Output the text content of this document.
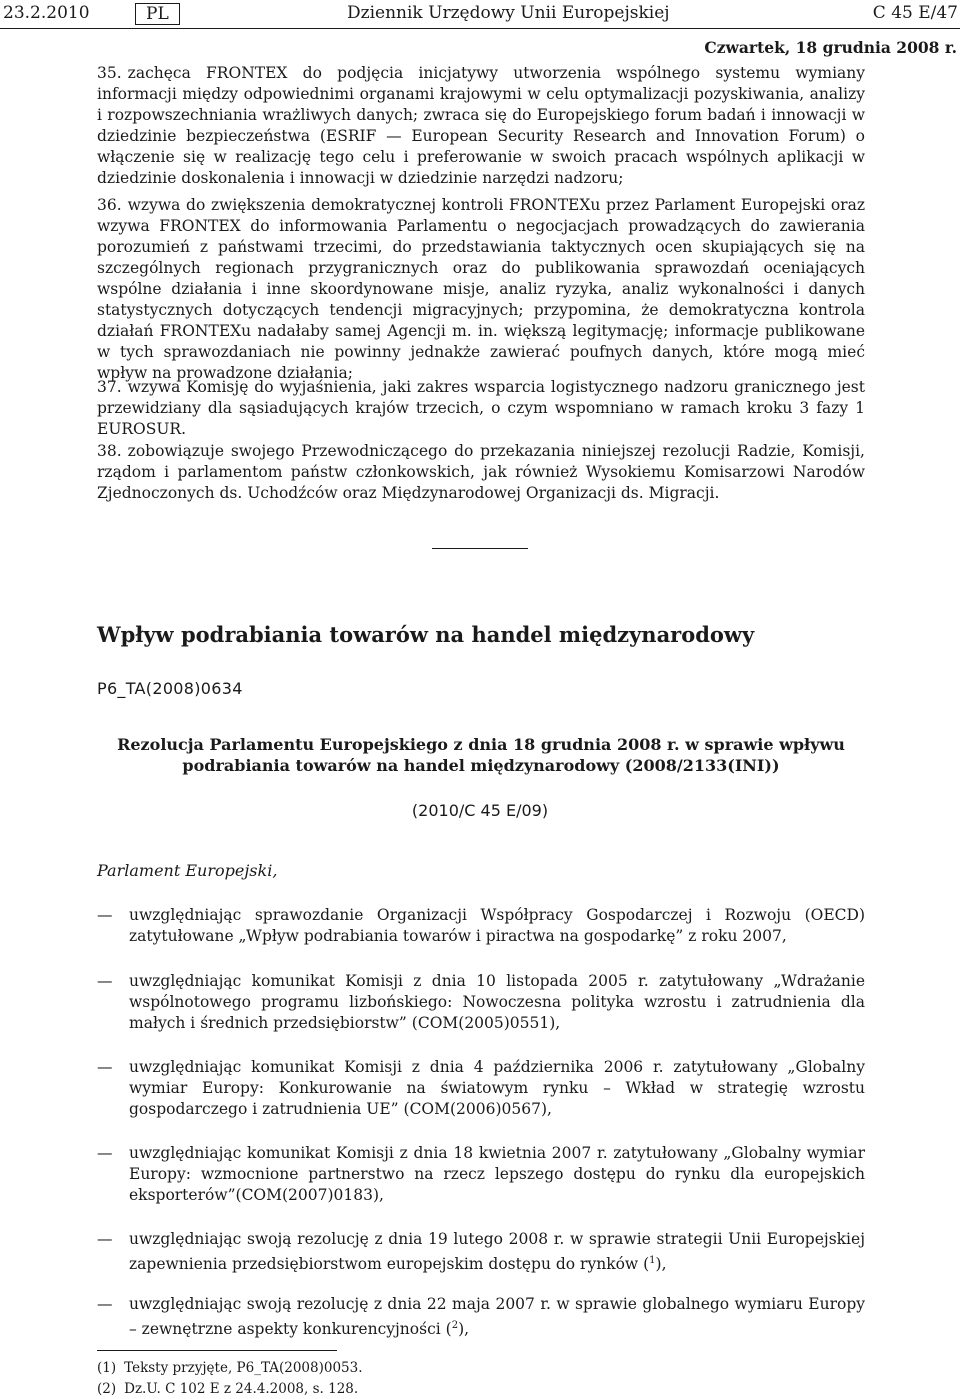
23.2.2010	PL	Dziennik Urzędowy Unii Europejskiej	C 45 E/47
Czwartek, 18 grudnia 2008 r.

35. zachęca FRONTEX do podjęcia inicjatywy utworzenia wspólnego systemu wymiany informacji między odpowiednimi organami krajowymi w celu optymalizacji pozyskiwania, analizy i rozpowszechniania wrażliwych danych; zwraca się do Europejskiego forum badań i innowacji w dziedzinie bezpieczeństwa (ESRIF — European Security Research and Innovation Forum) o włączenie się w realizację tego celu i preferowanie w swoich pracach wspólnych aplikacji w dziedzinie doskonalenia i innowacji w dziedzinie narzędzi nadzoru;

36. wzywa do zwiększenia demokratycznej kontroli FRONTEXu przez Parlament Europejski oraz wzywa FRONTEX do informowania Parlamentu o negocjacjach prowadzących do zawierania porozumień z państwami trzecimi, do przedstawiania taktycznych ocen skupiających się na szczególnych regionach przygranicznych oraz do publikowania sprawozdań oceniających wspólne działania i inne skoordynowane misje, analiz ryzyka, analiz wykonalności i danych statystycznych dotyczących tendencji migracyjnych; przypomina, że demokratyczna kontrola działań FRONTEXu nadałaby samej Agencji m. in. większą legitymację; informacje publikowane w tych sprawozdaniach nie powinny jednakże zawierać poufnych danych, które mogą mieć wpływ na prowadzone działania;

37. wzywa Komisję do wyjaśnienia, jaki zakres wsparcia logistycznego nadzoru granicznego jest przewidziany dla sąsiadujących krajów trzecich, o czym wspomniano w ramach kroku 3 fazy 1 EUROSUR.

38. zobowiązuje swojego Przewodniczącego do przekazania niniejszej rezolucji Radzie, Komisji, rządom i parlamentom państw członkowskich, jak również Wysokiemu Komisarzowi Narodów Zjednoczonych ds. Uchodźców oraz Międzynarodowej Organizacji ds. Migracji.

Wpływ podrabiania towarów na handel międzynarodowy
P6_TA(2008)0634
Rezolucja Parlamentu Europejskiego z dnia 18 grudnia 2008 r. w sprawie wpływu podrabiania towarów na handel międzynarodowy (2008/2133(INI))
(2010/C 45 E/09)
Parlament Europejski,

— uwzględniając sprawozdanie Organizacji Współpracy Gospodarczej i Rozwoju (OECD) zatytułowane „Wpływ podrabiania towarów i piractwa na gospodarkę” z roku 2007,

— uwzględniając komunikat Komisji z dnia 10 listopada 2005 r. zatytułowany „Wdrażanie wspólnotowego programu lizbońskiego: Nowoczesna polityka wzrostu i zatrudnienia dla małych i średnich przedsiębiorstw” (COM(2005)0551),

— uwzględniając komunikat Komisji z dnia 4 października 2006 r. zatytułowany „Globalny wymiar Europy: Konkurowanie na światowym rynku – Wkład w strategię wzrostu gospodarczego i zatrudnienia UE” (COM(2006)0567),

— uwzględniając komunikat Komisji z dnia 18 kwietnia 2007 r. zatytułowany „Globalny wymiar Europy: wzmocnione partnerstwo na rzecz lepszego dostępu do rynku dla europejskich eksporterów”(COM(2007)0183),

— uwzględniając swoją rezolucję z dnia 19 lutego 2008 r. w sprawie strategii Unii Europejskiej zapewnienia przedsiębiorstwom europejskim dostępu do rynków ($^1$),

— uwzględniając swoją rezolucję z dnia 22 maja 2007 r. w sprawie globalnego wymiaru Europy – zewnętrzne aspekty konkurencyjności ($^2$),

(1) Teksty przyjęte, P6_TA(2008)0053.
(2) Dz.U. C 102 E z 24.4.2008, s. 128.
